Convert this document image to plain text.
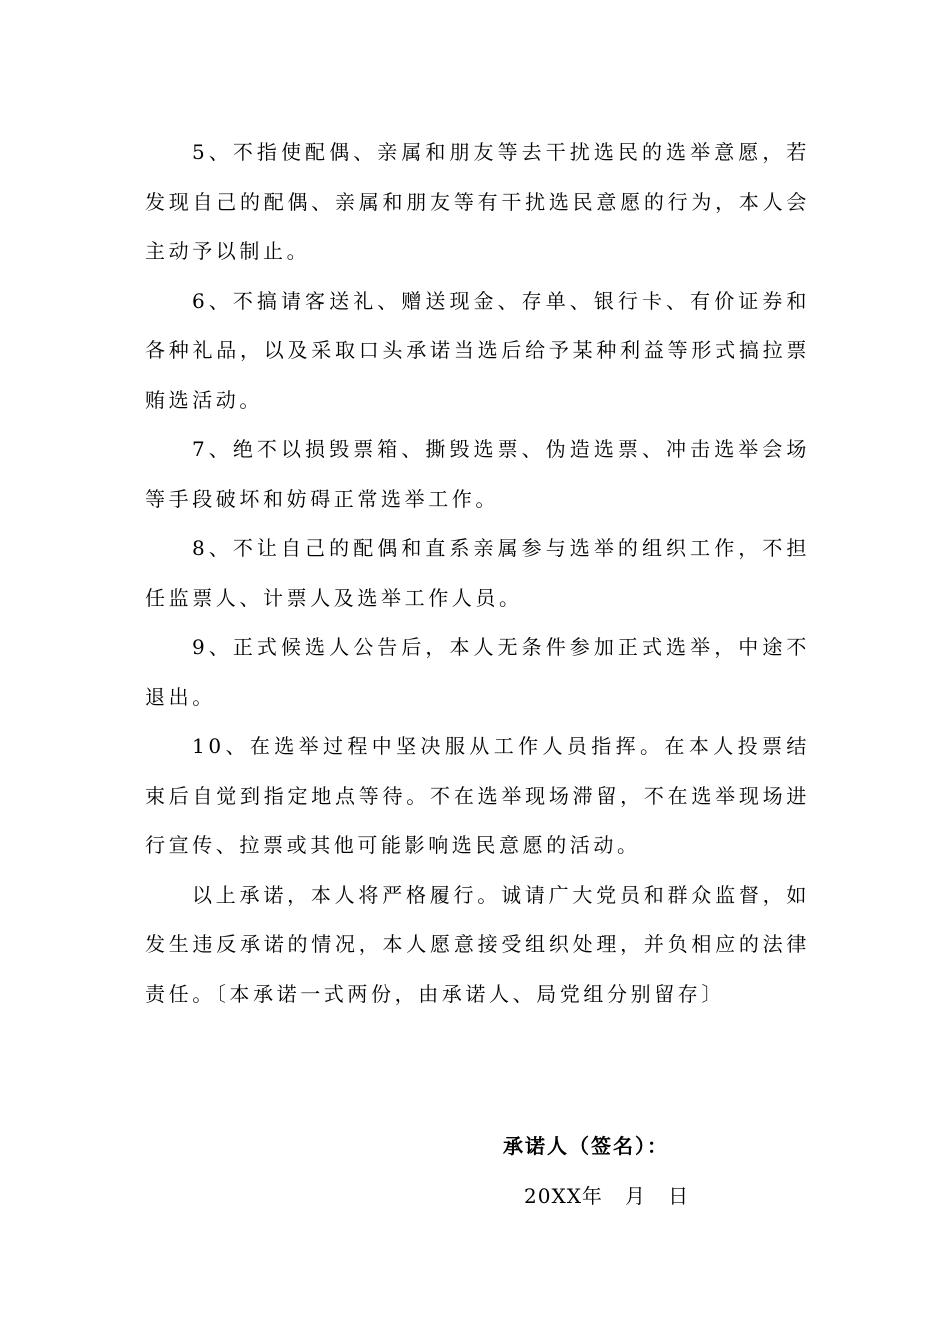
5、不指使配偶、亲属和朋友等去干扰选民的选举意愿，若发现自己的配偶、亲属和朋友等有干扰选民意愿的行为，本人会主动予以制止。

6、不搞请客送礼、赠送现金、存单、银行卡、有价证券和各种礼品，以及采取口头承诺当选后给予某种利益等形式搞拉票贿选活动。

7、绝不以损毁票箱、撕毁选票、伪造选票、冲击选举会场等手段破坏和妨碍正常选举工作。

8、不让自己的配偶和直系亲属参与选举的组织工作，不担任监票人、计票人及选举工作人员。

9、正式候选人公告后，本人无条件参加正式选举，中途不退出。

10、在选举过程中坚决服从工作人员指挥。在本人投票结束后自觉到指定地点等待。不在选举现场滞留，不在选举现场进行宣传、拉票或其他可能影响选民意愿的活动。

以上承诺，本人将严格履行。诚请广大党员和群众监督，如发生违反承诺的情况，本人愿意接受组织处理，并负相应的法律责任。〔本承诺一式两份，由承诺人、局党组分别留存〕

承诺人（签名）：
20XX年   月   日
